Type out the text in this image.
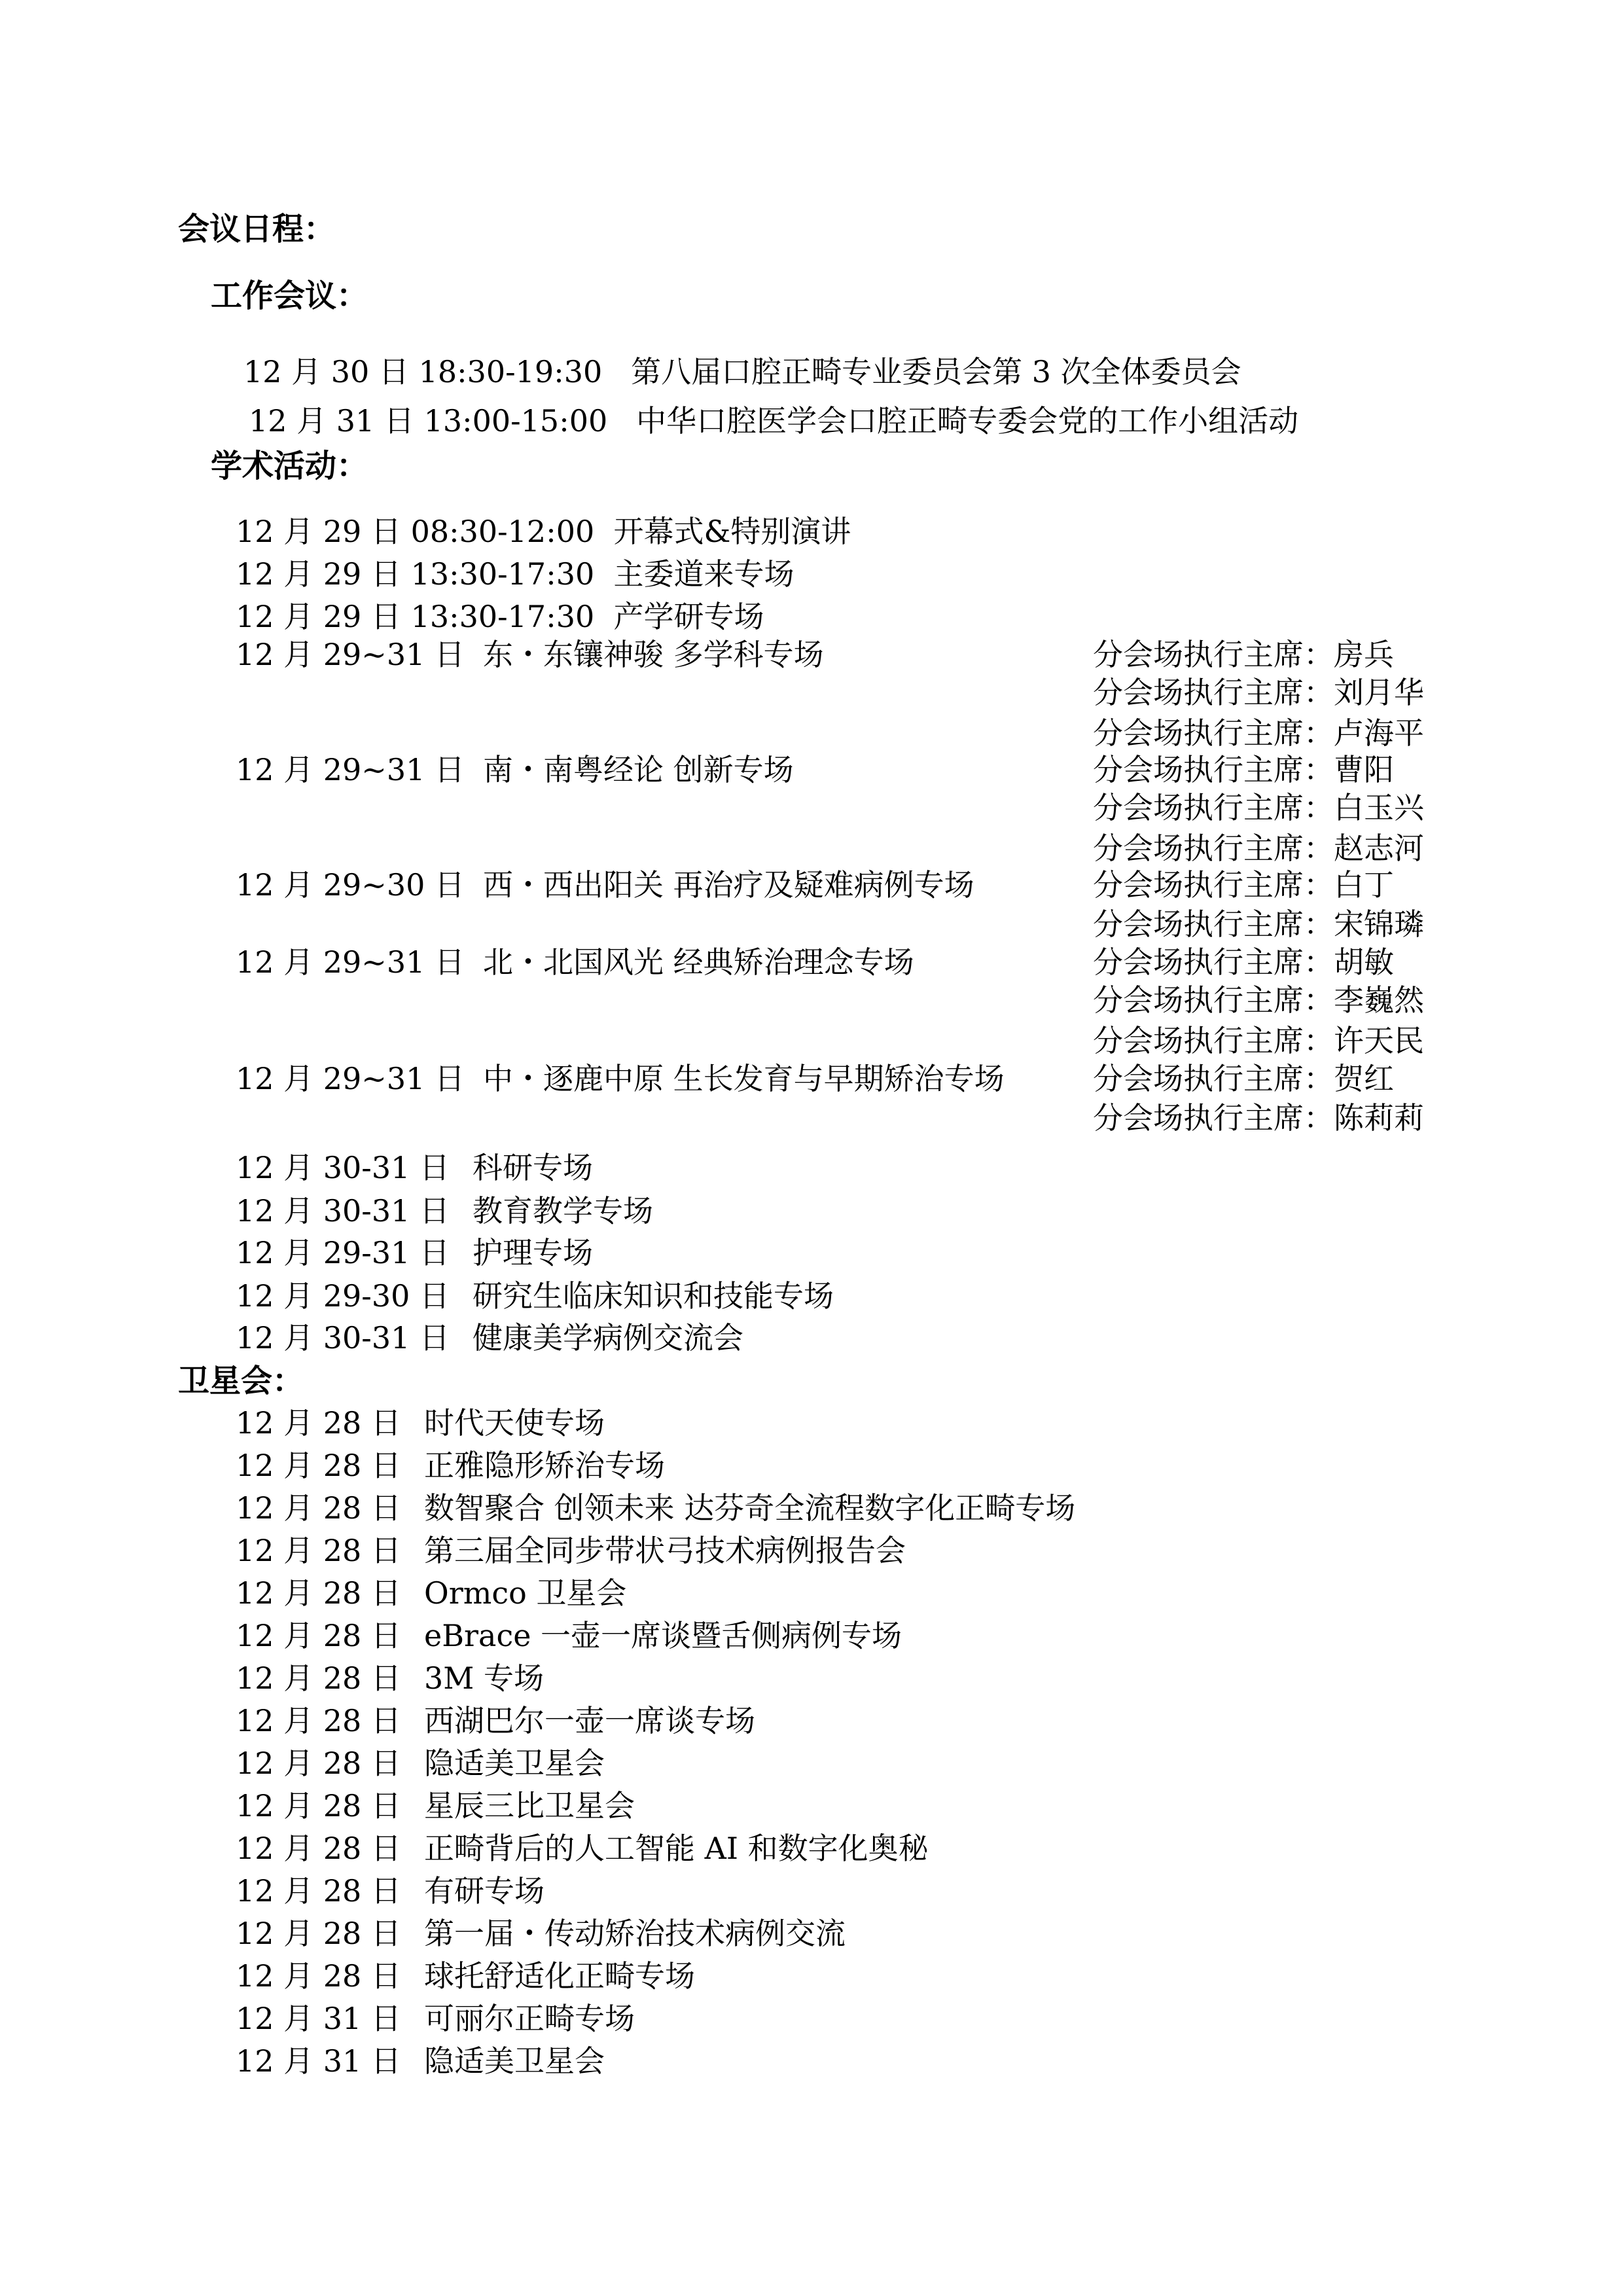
会议日程：
工作会议：
学术活动：
卫星会：
12 月 30 日 18:30-19:30 第八届口腔正畸专业委员会第 3 次全体委员会
12 月 31 日 13:00-15:00 中华口腔医学会口腔正畸专委会党的工作小组活动
12 月 29 日 08:30-12:00 开幕式&特别演讲
12 月 29 日 13:30-17:30 主委道来专场
12 月 29 日 13:30-17:30 产学研专场
12 月 29~31 日 东・东镶神骏 多学科专场
12 月 29~31 日 南・南粤经论 创新专场
12 月 29~30 日 西・西出阳关 再治疗及疑难病例专场
12 月 29~31 日 北・北国风光 经典矫治理念专场
12 月 29~31 日 中・逐鹿中原 生长发育与早期矫治专场
分会场执行主席：房兵
分会场执行主席：刘月华
分会场执行主席：卢海平
分会场执行主席：曹阳
分会场执行主席：白玉兴
分会场执行主席：赵志河
分会场执行主席：白丁
分会场执行主席：宋锦璘
分会场执行主席：胡敏
分会场执行主席：李巍然
分会场执行主席：许天民
分会场执行主席：贺红
分会场执行主席：陈莉莉
12 月 30-31 日 科研专场
12 月 30-31 日 教育教学专场
12 月 29-31 日 护理专场
12 月 29-30 日 研究生临床知识和技能专场
12 月 30-31 日 健康美学病例交流会
12 月 28 日 时代天使专场
12 月 28 日 正雅隐形矫治专场
12 月 28 日 数智聚合 创领未来 达芬奇全流程数字化正畸专场
12 月 28 日 第三届全同步带状弓技术病例报告会
12 月 28 日 Ormco 卫星会
12 月 28 日 eBrace 一壶一席谈暨舌侧病例专场
12 月 28 日 3M 专场
12 月 28 日 西湖巴尔一壶一席谈专场
12 月 28 日 隐适美卫星会
12 月 28 日 星辰三比卫星会
12 月 28 日 正畸背后的人工智能 AI 和数字化奥秘
12 月 28 日 有研专场
12 月 28 日 第一届・传动矫治技术病例交流
12 月 28 日 球托舒适化正畸专场
12 月 31 日 可丽尔正畸专场
12 月 31 日 隐适美卫星会
